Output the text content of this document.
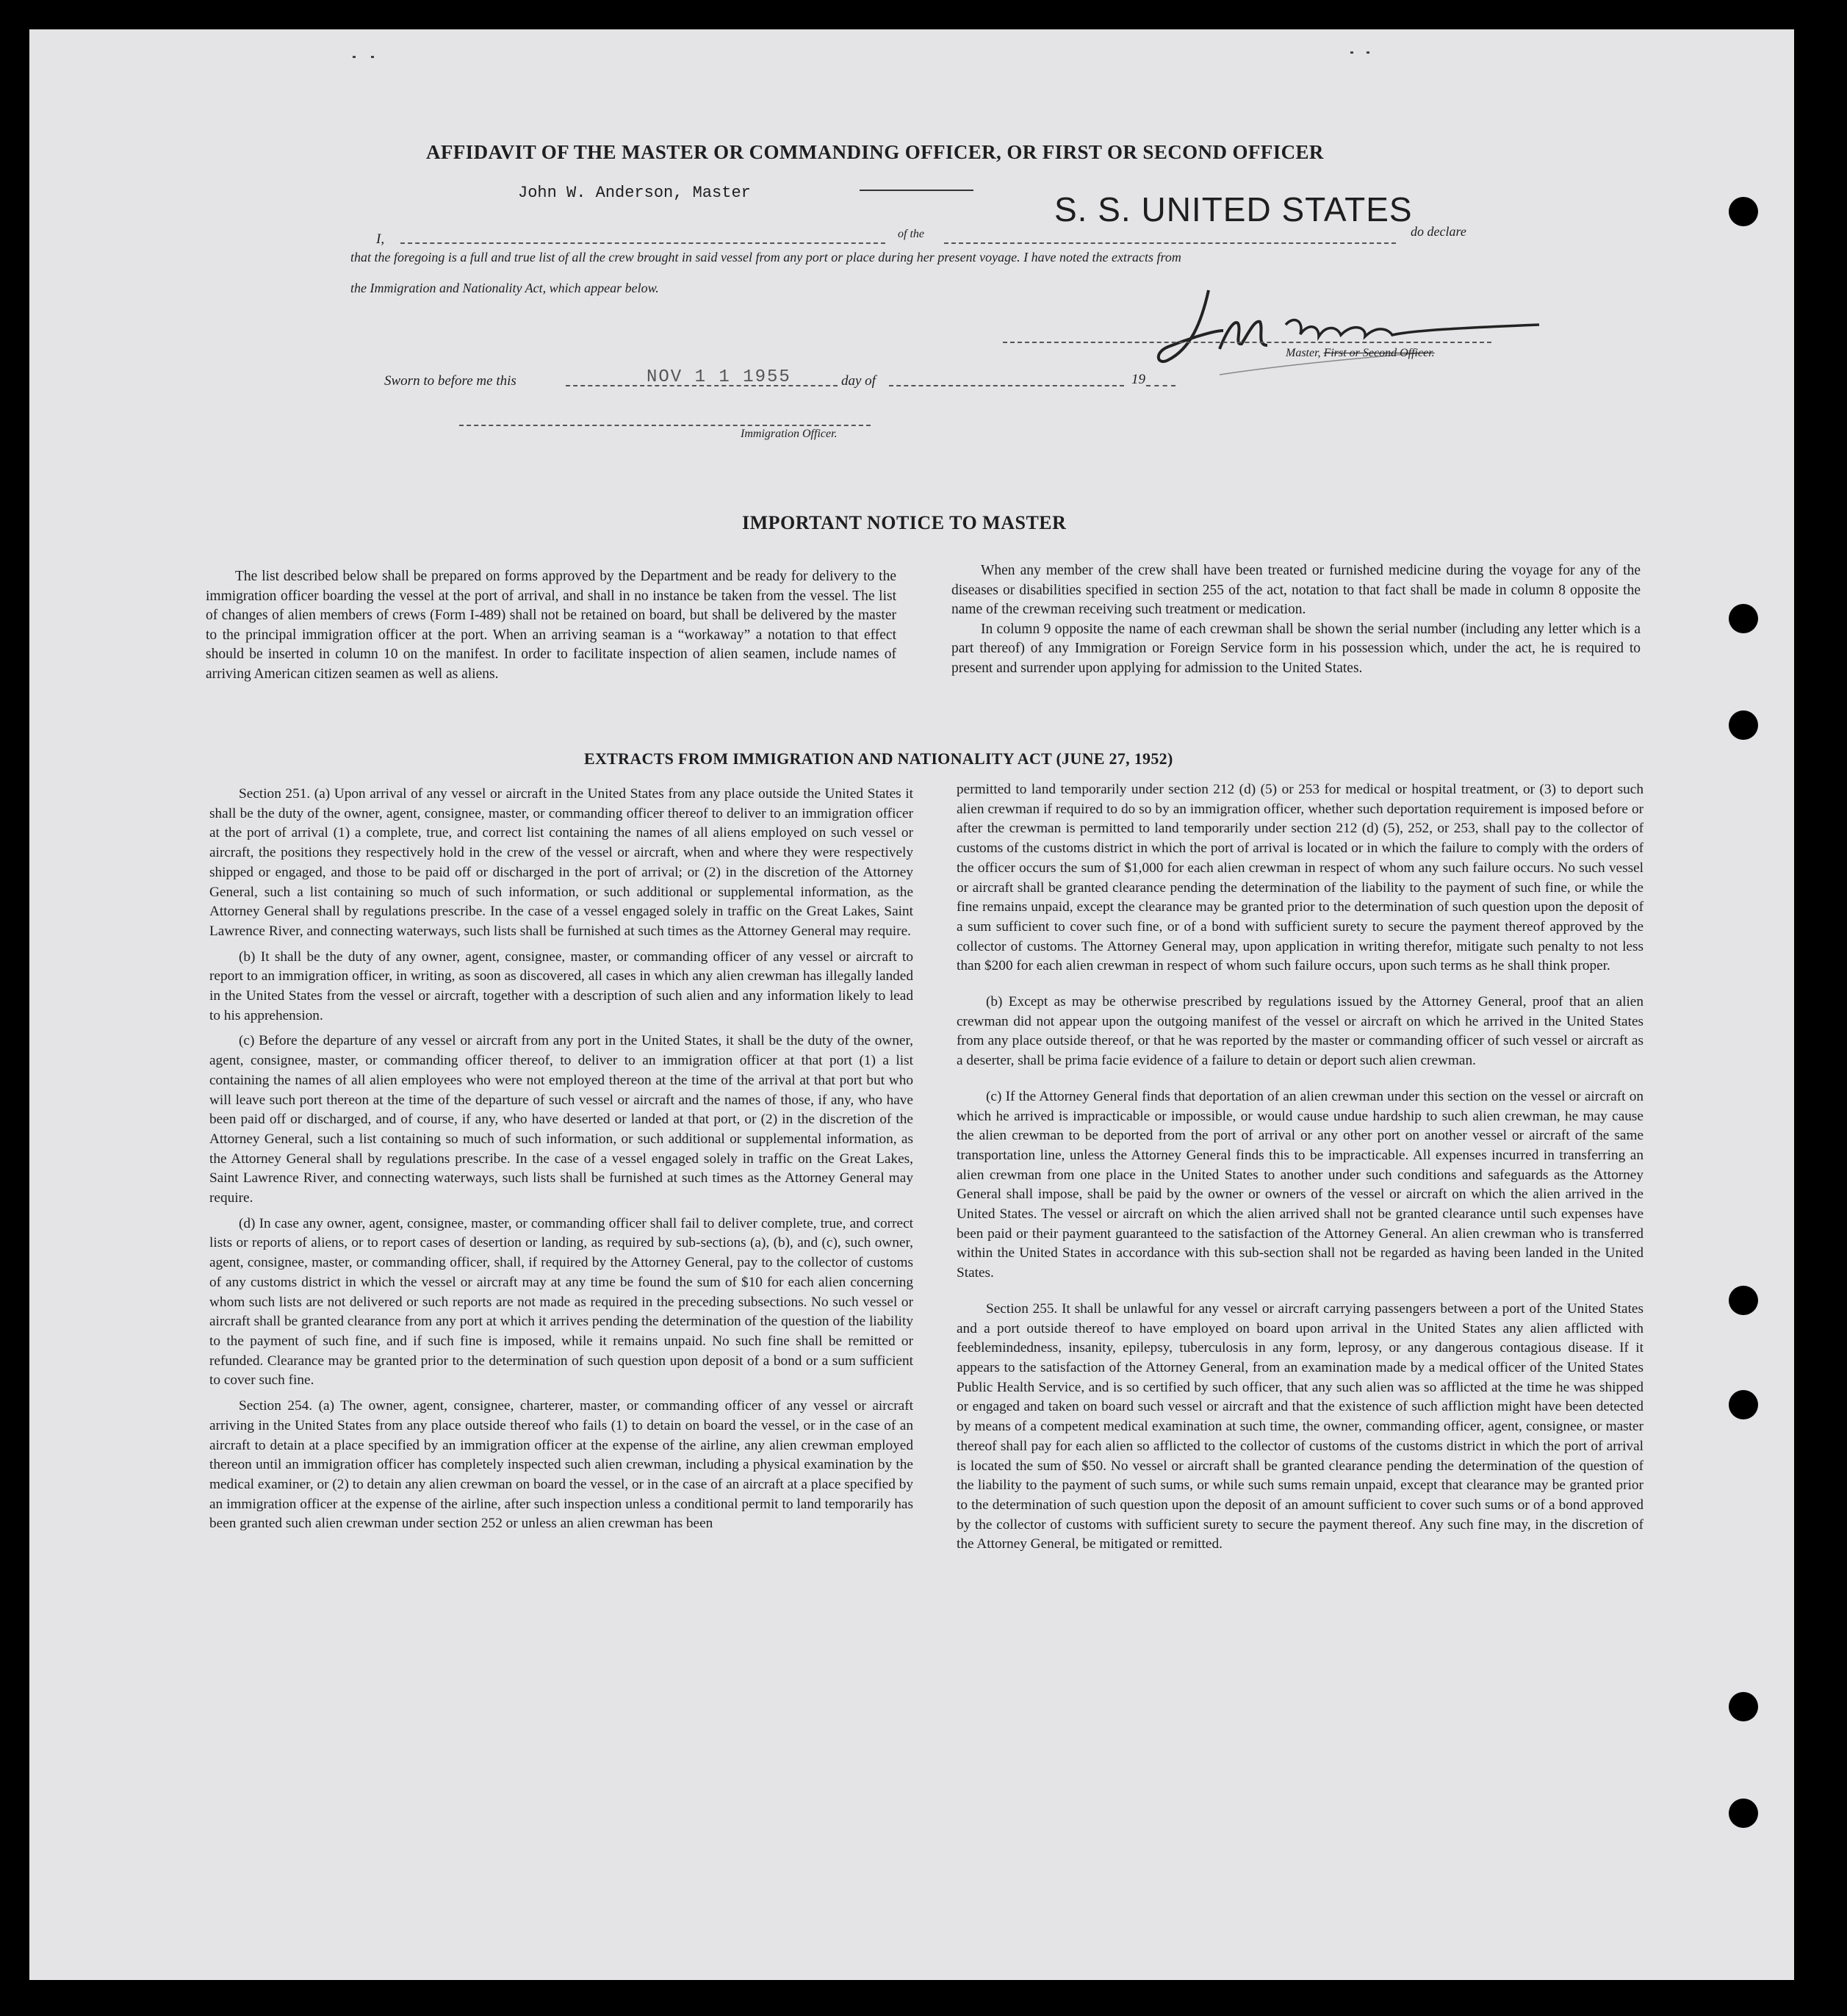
AFFIDAVIT OF THE MASTER OR COMMANDING OFFICER, OR FIRST OR SECOND OFFICER
John W. Anderson, Master	S. S. UNITED STATES
I,	of the	do declare
that the foregoing is a full and true list of all the crew brought in said vessel from any port or place during her present voyage. I have noted the extracts from
the Immigration and Nationality Act, which appear below.
Master, First or Second Officer.
Sworn to before me this	NOV 1 1 1955	day of	19
Immigration Officer.
IMPORTANT NOTICE TO MASTER

The list described below shall be prepared on forms approved by the Department and be ready for delivery to the immigration officer boarding the vessel at the port of arrival, and shall in no instance be taken from the vessel. The list of changes of alien members of crews (Form I-489) shall not be retained on board, but shall be delivered by the master to the principal immigration officer at the port. When an arriving seaman is a “workaway” a notation to that effect should be inserted in column 10 on the manifest. In order to facilitate inspection of alien seamen, include names of arriving American citizen seamen as well as aliens.

When any member of the crew shall have been treated or furnished medicine during the voyage for any of the diseases or disabilities specified in section 255 of the act, notation to that fact shall be made in column 8 opposite the name of the crewman receiving such treatment or medication.

In column 9 opposite the name of each crewman shall be shown the serial number (including any letter which is a part thereof) of any Immigration or Foreign Service form in his possession which, under the act, he is required to present and surrender upon applying for admission to the United States.

EXTRACTS FROM IMMIGRATION AND NATIONALITY ACT (JUNE 27, 1952)

Section 251. (a) Upon arrival of any vessel or aircraft in the United States from any place outside the United States it shall be the duty of the owner, agent, consignee, master, or commanding officer thereof to deliver to an immigration officer at the port of arrival (1) a complete, true, and correct list containing the names of all aliens employed on such vessel or aircraft, the positions they respectively hold in the crew of the vessel or aircraft, when and where they were respectively shipped or engaged, and those to be paid off or discharged in the port of arrival; or (2) in the discretion of the Attorney General, such a list containing so much of such information, or such additional or supplemental information, as the Attorney General shall by regulations prescribe. In the case of a vessel engaged solely in traffic on the Great Lakes, Saint Lawrence River, and connecting waterways, such lists shall be furnished at such times as the Attorney General may require.

(b) It shall be the duty of any owner, agent, consignee, master, or commanding officer of any vessel or aircraft to report to an immigration officer, in writing, as soon as discovered, all cases in which any alien crewman has illegally landed in the United States from the vessel or aircraft, together with a description of such alien and any information likely to lead to his apprehension.

(c) Before the departure of any vessel or aircraft from any port in the United States, it shall be the duty of the owner, agent, consignee, master, or commanding officer thereof, to deliver to an immigration officer at that port (1) a list containing the names of all alien employees who were not employed thereon at the time of the arrival at that port but who will leave such port thereon at the time of the departure of such vessel or aircraft and the names of those, if any, who have been paid off or discharged, and of course, if any, who have deserted or landed at that port, or (2) in the discretion of the Attorney General, such a list containing so much of such information, or such additional or supplemental information, as the Attorney General shall by regulations prescribe. In the case of a vessel engaged solely in traffic on the Great Lakes, Saint Lawrence River, and connecting waterways, such lists shall be furnished at such times as the Attorney General may require.

(d) In case any owner, agent, consignee, master, or commanding officer shall fail to deliver complete, true, and correct lists or reports of aliens, or to report cases of desertion or landing, as required by sub-sections (a), (b), and (c), such owner, agent, consignee, master, or commanding officer, shall, if required by the Attorney General, pay to the collector of customs of any customs district in which the vessel or aircraft may at any time be found the sum of $10 for each alien concerning whom such lists are not delivered or such reports are not made as required in the preceding subsections. No such vessel or aircraft shall be granted clearance from any port at which it arrives pending the determination of the question of the liability to the payment of such fine, and if such fine is imposed, while it remains unpaid. No such fine shall be remitted or refunded. Clearance may be granted prior to the determination of such question upon deposit of a bond or a sum sufficient to cover such fine.

Section 254. (a) The owner, agent, consignee, charterer, master, or commanding officer of any vessel or aircraft arriving in the United States from any place outside thereof who fails (1) to detain on board the vessel, or in the case of an aircraft to detain at a place specified by an immigration officer at the expense of the airline, any alien crewman employed thereon until an immigration officer has completely inspected such alien crewman, including a physical examination by the medical examiner, or (2) to detain any alien crewman on board the vessel, or in the case of an aircraft at a place specified by an immigration officer at the expense of the airline, after such inspection unless a conditional permit to land temporarily has been granted such alien crewman under section 252 or unless an alien crewman has been

permitted to land temporarily under section 212 (d) (5) or 253 for medical or hospital treatment, or (3) to deport such alien crewman if required to do so by an immigration officer, whether such deportation requirement is imposed before or after the crewman is permitted to land temporarily under section 212 (d) (5), 252, or 253, shall pay to the collector of customs of the customs district in which the port of arrival is located or in which the failure to comply with the orders of the officer occurs the sum of $1,000 for each alien crewman in respect of whom any such failure occurs. No such vessel or aircraft shall be granted clearance pending the determination of the liability to the payment of such fine, or while the fine remains unpaid, except the clearance may be granted prior to the determination of such question upon the deposit of a sum sufficient to cover such fine, or of a bond with sufficient surety to secure the payment thereof approved by the collector of customs. The Attorney General may, upon application in writing therefor, mitigate such penalty to not less than $200 for each alien crewman in respect of whom such failure occurs, upon such terms as he shall think proper.

(b) Except as may be otherwise prescribed by regulations issued by the Attorney General, proof that an alien crewman did not appear upon the outgoing manifest of the vessel or aircraft on which he arrived in the United States from any place outside thereof, or that he was reported by the master or commanding officer of such vessel or aircraft as a deserter, shall be prima facie evidence of a failure to detain or deport such alien crewman.

(c) If the Attorney General finds that deportation of an alien crewman under this section on the vessel or aircraft on which he arrived is impracticable or impossible, or would cause undue hardship to such alien crewman, he may cause the alien crewman to be deported from the port of arrival or any other port on another vessel or aircraft of the same transportation line, unless the Attorney General finds this to be impracticable. All expenses incurred in transferring an alien crewman from one place in the United States to another under such conditions and safeguards as the Attorney General shall impose, shall be paid by the owner or owners of the vessel or aircraft on which the alien arrived in the United States. The vessel or aircraft on which the alien arrived shall not be granted clearance until such expenses have been paid or their payment guaranteed to the satisfaction of the Attorney General. An alien crewman who is transferred within the United States in accordance with this sub-section shall not be regarded as having been landed in the United States.

Section 255. It shall be unlawful for any vessel or aircraft carrying passengers between a port of the United States and a port outside thereof to have employed on board upon arrival in the United States any alien afflicted with feeblemindedness, insanity, epilepsy, tuberculosis in any form, leprosy, or any dangerous contagious disease. If it appears to the satisfaction of the Attorney General, from an examination made by a medical officer of the United States Public Health Service, and is so certified by such officer, that any such alien was so afflicted at the time he was shipped or engaged and taken on board such vessel or aircraft and that the existence of such affliction might have been detected by means of a competent medical examination at such time, the owner, commanding officer, agent, consignee, or master thereof shall pay for each alien so afflicted to the collector of customs of the customs district in which the port of arrival is located the sum of $50. No vessel or aircraft shall be granted clearance pending the determination of the question of the liability to the payment of such sums, or while such sums remain unpaid, except that clearance may be granted prior to the determination of such question upon the deposit of an amount sufficient to cover such sums or of a bond approved by the collector of customs with sufficient surety to secure the payment thereof. Any such fine may, in the discretion of the Attorney General, be mitigated or remitted.
